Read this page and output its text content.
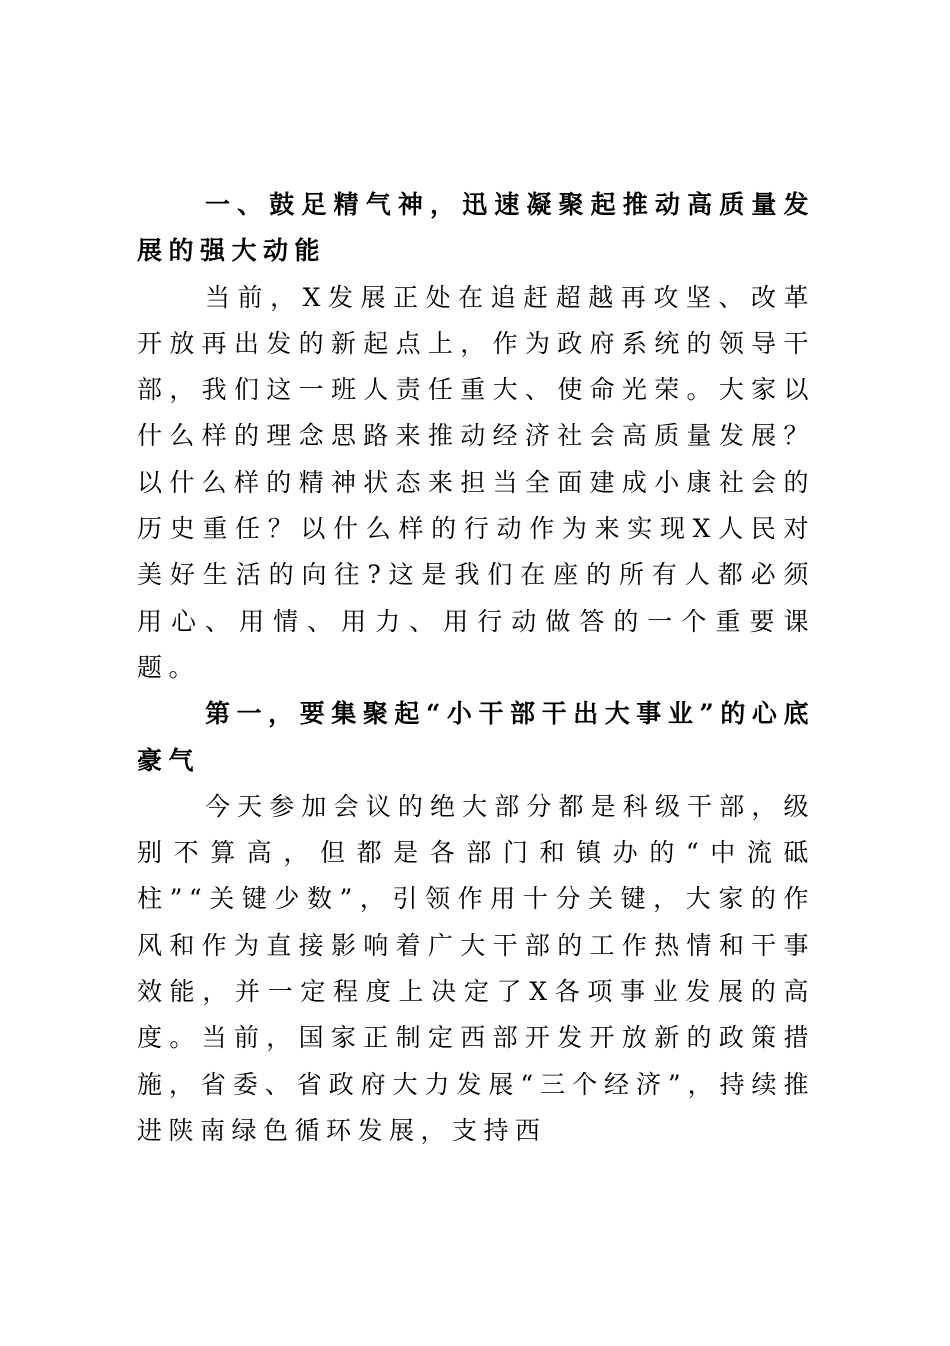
一、鼓足精气神，迅速凝聚起推动高质量发展的强大动能

当前，X发展正处在追赶超越再攻坚、改革开放再出发的新起点上，作为政府系统的领导干部，我们这一班人责任重大、使命光荣。大家以什么样的理念思路来推动经济社会高质量发展？以什么样的精神状态来担当全面建成小康社会的历史重任？以什么样的行动作为来实现X人民对美好生活的向往?这是我们在座的所有人都必须用心、用情、用力、用行动做答的一个重要课题。

第一，要集聚起“小干部干出大事业”的心底豪气

今天参加会议的绝大部分都是科级干部，级别不算高，但都是各部门和镇办的“中流砥柱”“关键少数”，引领作用十分关键，大家的作风和作为直接影响着广大干部的工作热情和干事效能，并一定程度上决定了X各项事业发展的高度。当前，国家正制定西部开发开放新的政策措施，省委、省政府大力发展“三个经济”，持续推进陕南绿色循环发展，支持西
